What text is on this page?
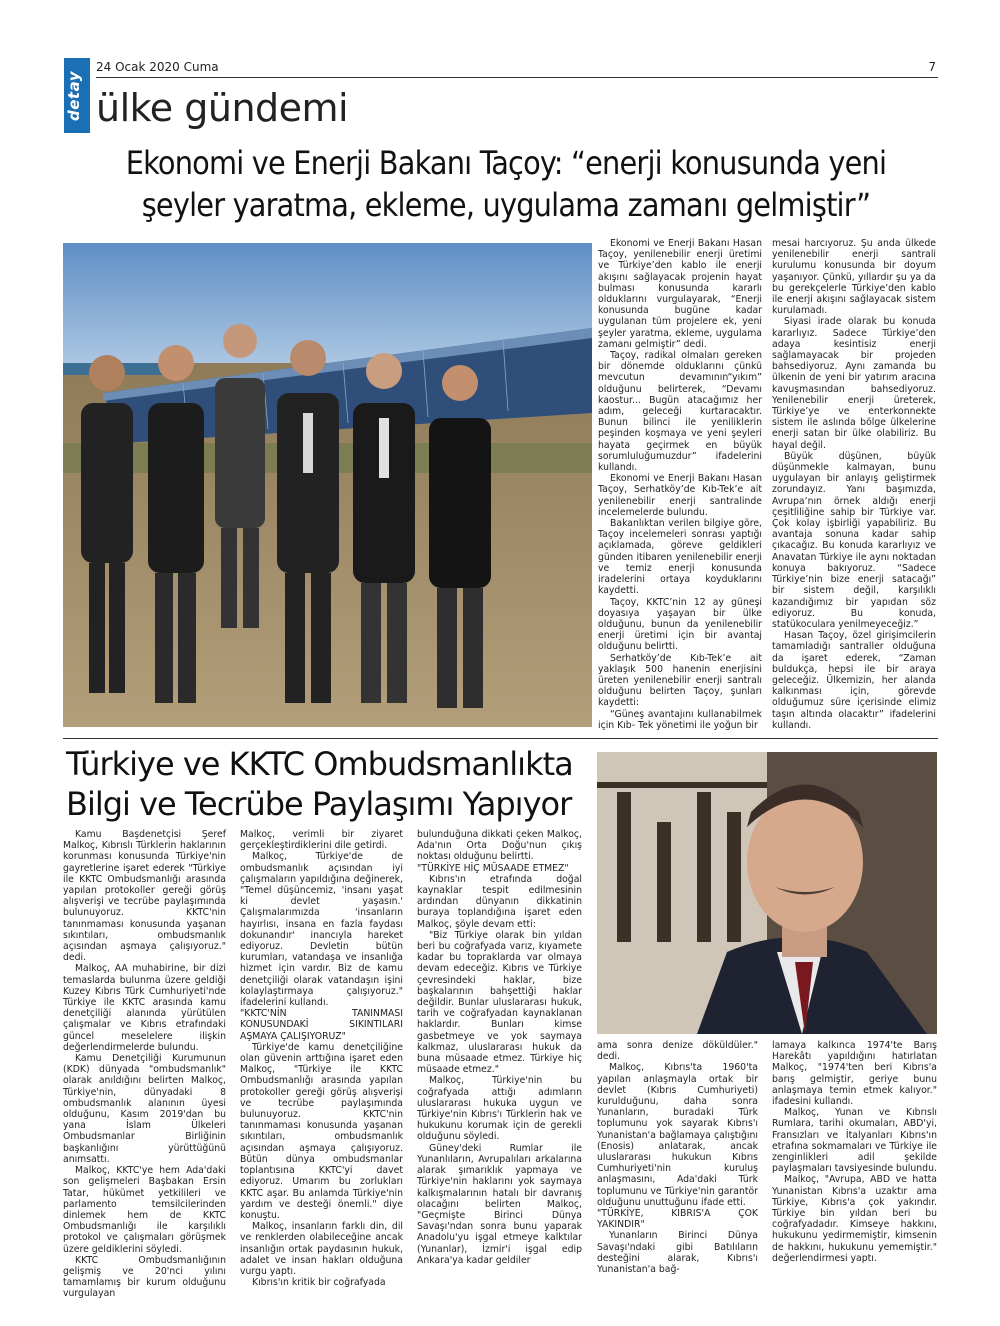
detay
24 Ocak 2020 Cuma	7
ülke gündemi
Ekonomi ve Enerji Bakanı Taçoy: “enerji konusunda yeni
şeyler yaratma, ekleme, uygulama zamanı gelmiştir”

Ekonomi ve Enerji Bakanı Hasan Taçoy, yenilenebilir enerji üretimi ve Türkiye’den kablo ile enerji akışını sağlayacak projenin hayat bulması konusunda kararlı olduklarını vurgulayarak, “Enerji konusunda bugüne kadar uygulanan tüm projelere ek, yeni şeyler yaratma, ekleme, uygulama zamanı gelmiştir” dedi.

Taçoy, radikal olmaları gereken bir dönemde olduklarını çünkü mevcutun devamının“yıkım” olduğunu belirterek, “Devamı kaostur... Bugün atacağımız her adım, geleceği kurtaracaktır. Bunun bilinci ile yeniliklerin peşinden koşmaya ve yeni şeyleri hayata geçirmek en büyük sorumluluğumuzdur” ifadelerini kullandı.

Ekonomi ve Enerji Bakanı Hasan Taçoy, Serhatköy’de Kıb-Tek’e ait yenilenebilir enerji santralinde incelemelerde bulundu.

Bakanlıktan verilen bilgiye göre, Taçoy incelemeleri sonrası yaptığı açıklamada, göreve geldikleri günden itibaren yenilenebilir enerji ve temiz enerji konusunda iradelerini ortaya koyduklarını kaydetti.

Taçoy, KKTC’nin 12 ay güneşi doyasıya yaşayan bir ülke olduğunu, bunun da yenilenebilir enerji üretimi için bir avantaj olduğunu belirtti.

Serhatköy’de Kıb-Tek’e ait yaklaşık 500 hanenin enerjisini üreten yenilenebilir enerji santralı olduğunu belirten Taçoy, şunları kaydetti:

“Güneş avantajını kullanabilmek için Kıb- Tek yönetimi ile yoğun bir

mesai harcıyoruz. Şu anda ülkede yenilenebilir enerji santrali kurulumu konusunda bir doyum yaşanıyor. Çünkü, yıllardır şu ya da bu gerekçelerle Türkiye’den kablo ile enerji akışını sağlayacak sistem kurulamadı.

Siyasi irade olarak bu konuda kararlıyız. Sadece Türkiye’den adaya kesintisiz enerji sağlamayacak bir projeden bahsediyoruz. Aynı zamanda bu ülkenin de yeni bir yatırım aracına kavuşmasından bahsediyoruz. Yenilenebilir enerji üreterek, Türkiye’ye ve enterkonnekte sistem ile aslında bölge ülkelerine enerji satan bir ülke olabiliriz. Bu hayal değil.

Büyük düşünen, büyük düşünmekle kalmayan, bunu uygulayan bir anlayış geliştirmek zorundayız. Yanı başımızda, Avrupa’nın örnek aldığı enerji çeşitliliğine sahip bir Türkiye var. Çok kolay işbirliği yapabiliriz. Bu avantaja sonuna kadar sahip çıkacağız. Bu konuda kararlıyız ve Anavatan Türkiye ile aynı noktadan konuya bakıyoruz. “Sadece Türkiye’nin bize enerji satacağı” bir sistem değil, karşılıklı kazandığımız bir yapıdan söz ediyoruz. Bu konuda, statükoculara yenilmeyeceğiz.”

Hasan Taçoy, özel girişimcilerin tamamladığı santraller olduğuna da işaret ederek, “Zaman buldukça, hepsi ile bir araya geleceğiz. Ülkemizin, her alanda kalkınması için, görevde olduğumuz süre içerisinde elimiz taşın altında olacaktır” ifadelerini kullandı.

Türkiye ve KKTC Ombudsmanlıkta
Bilgi ve Tecrübe Paylaşımı Yapıyor

Kamu Başdenetçisi Şeref Malkoç, Kıbrıslı Türklerin haklarının korunması konusunda Türkiye'nin gayretlerine işaret ederek "Türkiye ile KKTC Ombudsmanlığı arasında yapılan protokoller gereği görüş alışverişi ve tecrübe paylaşımında bulunuyoruz. KKTC'nin tanınmaması konusunda yaşanan sıkıntıları, ombudsmanlık açısından aşmaya çalışıyoruz." dedi.

Malkoç, AA muhabirine, bir dizi temaslarda bulunma üzere geldiği Kuzey Kıbrıs Türk Cumhuriyeti'nde Türkiye ile KKTC arasında kamu denetçiliği alanında yürütülen çalışmalar ve Kıbrıs etrafındaki güncel meselelere ilişkin değerlendirmelerde bulundu.

Kamu Denetçiliği Kurumunun (KDK) dünyada "ombudsmanlık" olarak anıldığını belirten Malkoç, Türkiye'nin, dünyadaki 8 ombudsmanlık alanının üyesi olduğunu, Kasım 2019'dan bu yana İslam Ülkeleri Ombudsmanlar Birliğinin başkanlığını yürüttüğünü anımsattı.

Malkoç, KKTC'ye hem Ada'daki son gelişmeleri Başbakan Ersin Tatar, hükümet yetkilileri ve parlamento temsilcilerinden dinlemek hem de KKTC Ombudsmanlığı ile karşılıklı protokol ve çalışmaları görüşmek üzere geldiklerini söyledi.

KKTC Ombudsmanlığının gelişmiş ve 20'nci yılını tamamlamış bir kurum olduğunu vurgulayan

Malkoç, verimli bir ziyaret gerçekleştirdiklerini dile getirdi.

Malkoç, Türkiye'de de ombudsmanlık açısından iyi çalışmaların yapıldığına değinerek, "Temel düşüncemiz, 'insanı yaşat ki devlet yaşasın.' Çalışmalarımızda 'insanların hayırlısı, insana en fazla faydası dokunandır' inancıyla hareket ediyoruz. Devletin bütün kurumları, vatandaşa ve insanlığa hizmet için vardır. Biz de kamu denetçiliği olarak vatandaşın işini kolaylaştırmaya çalışıyoruz." ifadelerini kullandı.

"KKTC'NİN TANINMASI KONUSUNDAKİ SIKINTILARI AŞMAYA ÇALIŞIYORUZ"

Türkiye'de kamu denetçiliğine olan güvenin arttığına işaret eden Malkoç, "Türkiye ile KKTC Ombudsmanlığı arasında yapılan protokoller gereği görüş alışverişi ve tecrübe paylaşımında bulunuyoruz. KKTC'nin tanınmaması konusunda yaşanan sıkıntıları, ombudsmanlık açısından aşmaya çalışıyoruz. Bütün dünya ombudsmanlar toplantısına KKTC'yi davet ediyoruz. Umarım bu zorlukları KKTC aşar. Bu anlamda Türkiye'nin yardım ve desteği önemli." diye konuştu.

Malkoç, insanların farklı din, dil ve renklerden olabileceğine ancak insanlığın ortak paydasının hukuk, adalet ve insan hakları olduğuna vurgu yaptı.

Kıbrıs'ın kritik bir coğrafyada

bulunduğuna dikkati çeken Malkoç, Ada'nın Orta Doğu'nun çıkış noktası olduğunu belirtti.

"TÜRKİYE HİÇ MÜSAADE ETMEZ"

Kıbrıs'ın etrafında doğal kaynaklar tespit edilmesinin ardından dünyanın dikkatinin buraya toplandığına işaret eden Malkoç, şöyle devam etti:

"Biz Türkiye olarak bin yıldan beri bu coğrafyada varız, kıyamete kadar bu topraklarda var olmaya devam edeceğiz. Kıbrıs ve Türkiye çevresindeki haklar, bize başkalarının bahşettiği haklar değildir. Bunlar uluslararası hukuk, tarih ve coğrafyadan kaynaklanan haklardır. Bunları kimse gasbetmeye ve yok saymaya kalkmaz, uluslararası hukuk da buna müsaade etmez. Türkiye hiç müsaade etmez."

Malkoç, Türkiye'nin bu coğrafyada attığı adımların uluslararası hukuka uygun ve Türkiye'nin Kıbrıs'ı Türklerin hak ve hukukunu korumak için de gerekli olduğunu söyledi.

Güney'deki Rumlar ile Yunanlıların, Avrupalıları arkalarına alarak şımarıklık yapmaya ve Türkiye'nin haklarını yok saymaya kalkışmalarının hatalı bir davranış olacağını belirten Malkoç, "Geçmişte Birinci Dünya Savaşı'ndan sonra bunu yaparak Anadolu'yu işgal etmeye kalktılar (Yunanlar), İzmir'i işgal edip Ankara'ya kadar geldiler

ama sonra denize döküldüler." dedi.

Malkoç, Kıbrıs'ta 1960'ta yapılan anlaşmayla ortak bir devlet (Kıbrıs Cumhuriyeti) kurulduğunu, daha sonra Yunanların, buradaki Türk toplumunu yok sayarak Kıbrıs'ı Yunanistan'a bağlamaya çalıştığını (Enosis) anlatarak, ancak uluslararası hukukun Kıbrıs Cumhuriyeti'nin kuruluş anlaşmasını, Ada'daki Türk toplumunu ve Türkiye'nin garantör olduğunu unuttuğunu ifade etti.

"TÜRKİYE, KIBRIS'A ÇOK YAKINDIR"

Yunanların Birinci Dünya Savaşı'ndaki gibi Batılıların desteğini alarak, Kıbrıs'ı Yunanistan'a bağ-

lamaya kalkınca 1974'te Barış Harekâtı yapıldığını hatırlatan Malkoç, "1974'ten beri Kıbrıs'a barış gelmiştir, geriye bunu anlaşmaya temin etmek kalıyor." ifadesini kullandı.

Malkoç, Yunan ve Kıbrıslı Rumlara, tarihi okumaları, ABD'yi, Fransızları ve İtalyanları Kıbrıs'ın etrafına sokmamaları ve Türkiye ile zenginlikleri adil şekilde paylaşmaları tavsiyesinde bulundu.

Malkoç, "Avrupa, ABD ve hatta Yunanistan Kıbrıs'a uzaktır ama Türkiye, Kıbrıs'a çok yakındır. Türkiye bin yıldan beri bu coğrafyadadır. Kimseye hakkını, hukukunu yedirmemiştir, kimsenin de hakkını, hukukunu yememiştir." değerlendirmesi yaptı.
